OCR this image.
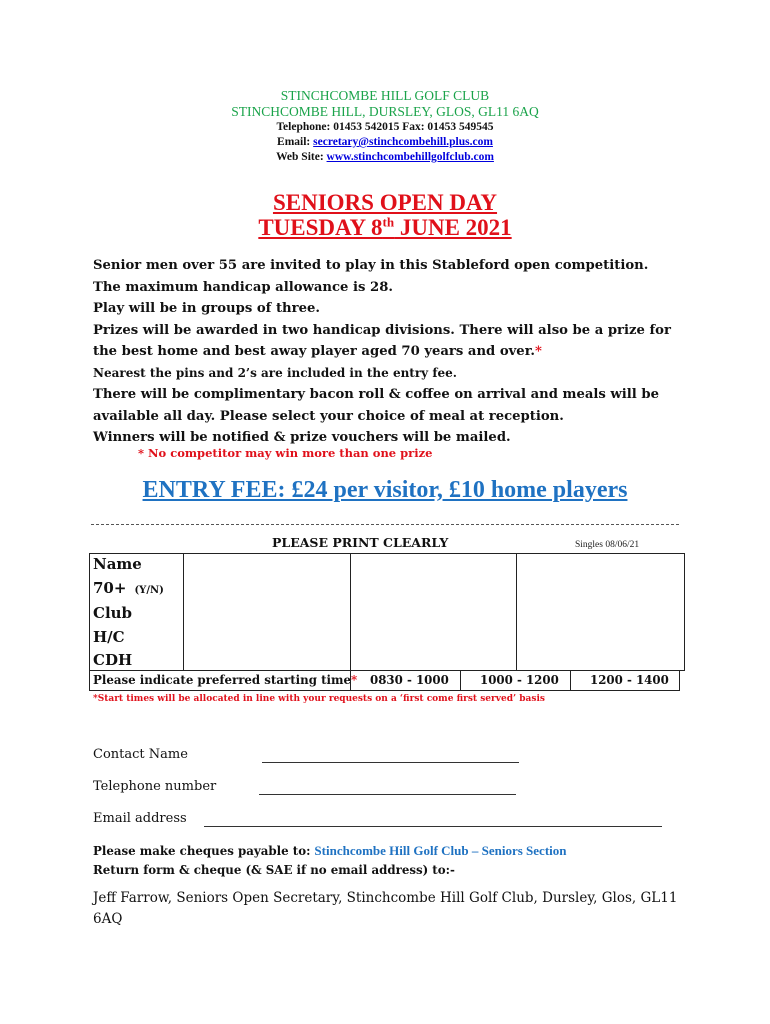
STINCHCOMBE HILL GOLF CLUB
STINCHCOMBE HILL, DURSLEY, GLOS, GL11 6AQ
Telephone: 01453 542015 Fax: 01453 549545
Email: secretary@stinchcombehill.plus.com
Web Site: www.stinchcombehillgolfclub.com
SENIORS OPEN DAY
TUESDAY 8th JUNE 2021
Senior men over 55 are invited to play in this Stableford open competition.
The maximum handicap allowance is 28.
Play will be in groups of three.
Prizes will be awarded in two handicap divisions. There will also be a prize for
the best home and best away player aged 70 years and over.*
Nearest the pins and 2’s are included in the entry fee.
There will be complimentary bacon roll & coffee on arrival and meals will be
available all day. Please select your choice of meal at reception.
Winners will be notified & prize vouchers will be mailed.
* No competitor may win more than one prize
ENTRY FEE: £24 per visitor, £10 home players
PLEASE PRINT CLEARLY	Singles 08/06/21
Name
70+ (Y/N)
Club
H/C
CDH
Please indicate preferred starting time* 0830 - 1000	1000 - 1200	1200 - 1400
*Start times will be allocated in line with your requests on a ‘first come first served’ basis
Contact Name
Telephone number
Email address
Please make cheques payable to: Stinchcombe Hill Golf Club – Seniors Section
Return form & cheque (& SAE if no email address) to:-
Jeff Farrow, Seniors Open Secretary, Stinchcombe Hill Golf Club, Dursley, Glos, GL11 6AQ
